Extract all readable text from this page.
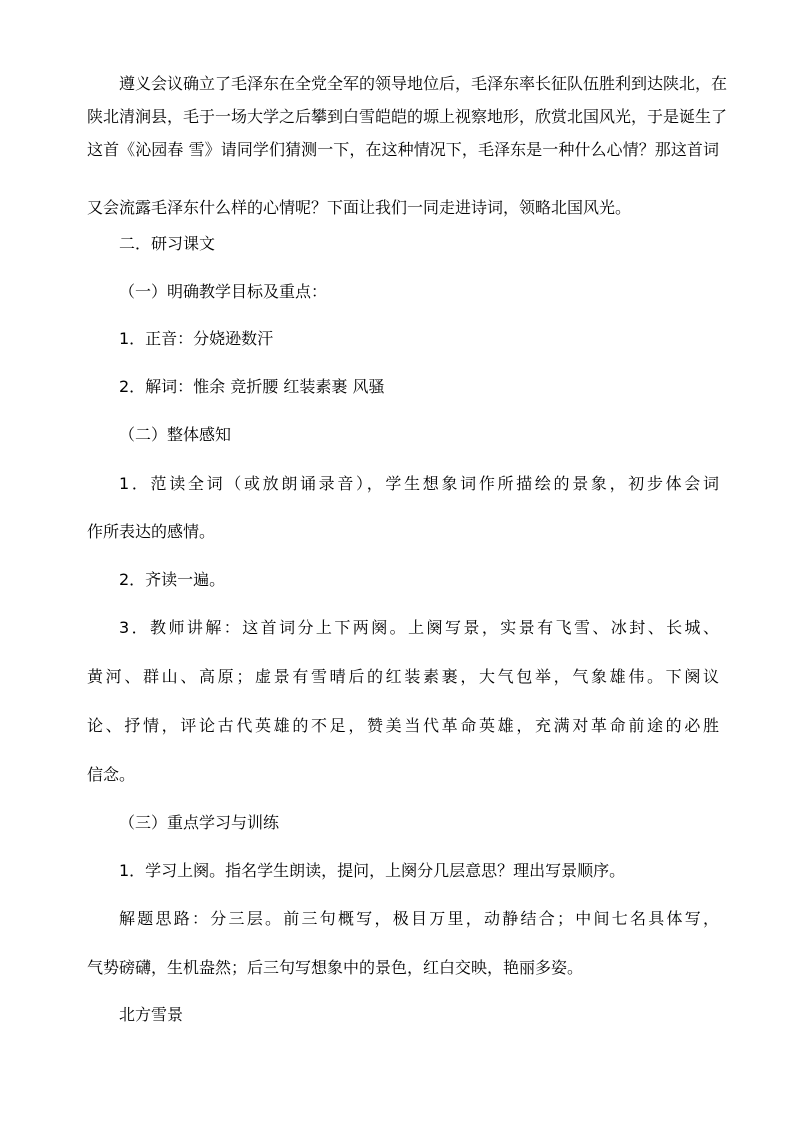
遵义会议确立了毛泽东在全党全军的领导地位后，毛泽东率长征队伍胜利到达陕北，在

陕北清涧县，毛于一场大学之后攀到白雪皑皑的塬上视察地形，欣赏北国风光，于是诞生了

这首《沁园春 雪》请同学们猜测一下，在这种情况下，毛泽东是一种什么心情？那这首词

又会流露毛泽东什么样的心情呢？下面让我们一同走进诗词，领略北国风光。

二．研习课文

（一）明确教学目标及重点：

1．正音：分娆逊数汗

2．解词：惟余 竞折腰 红装素裹 风骚

（二）整体感知

1．范读全词（或放朗诵录音），学生想象词作所描绘的景象，初步体会词

作所表达的感情。

2．齐读一遍。

3．教师讲解：这首词分上下两阕。上阕写景，实景有飞雪、冰封、长城、

黄河、群山、高原；虚景有雪晴后的红装素裹，大气包举，气象雄伟。下阕议

论、抒情，评论古代英雄的不足，赞美当代革命英雄，充满对革命前途的必胜

信念。

（三）重点学习与训练

1．学习上阕。指名学生朗读，提问，上阕分几层意思？理出写景顺序。

解题思路：分三层。前三句概写，极目万里，动静结合；中间七名具体写，

气势磅礴，生机盎然；后三句写想象中的景色，红白交映，艳丽多姿。

北方雪景
